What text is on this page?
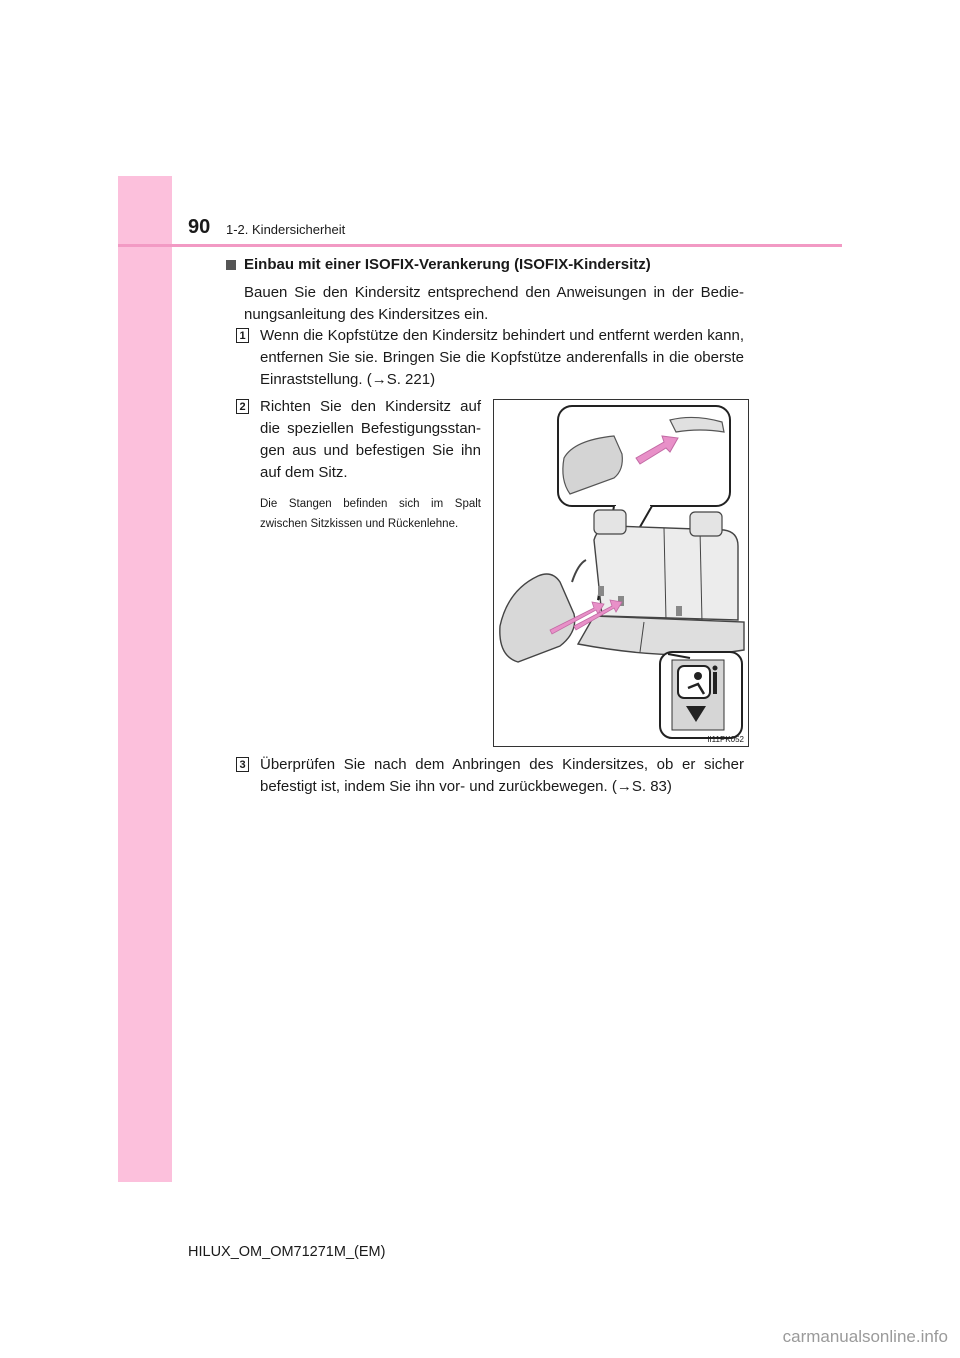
90 1-2. Kindersicherheit
Einbau mit einer ISOFIX-Verankerung (ISOFIX-Kindersitz)
Bauen Sie den Kindersitz entsprechend den Anweisungen in der Bedienungsanleitung des Kindersitzes ein.
1 Wenn die Kopfstütze den Kindersitz behindert und entfernt werden kann, entfernen Sie sie. Bringen Sie die Kopfstütze anderenfalls in die oberste Einraststellung. (→S. 221)
2 Richten Sie den Kindersitz auf die speziellen Befestigungsstangen aus und befestigen Sie ihn auf dem Sitz.
Die Stangen befinden sich im Spalt zwischen Sitzkissen und Rückenlehne.
II11PK052
3 Überprüfen Sie nach dem Anbringen des Kindersitzes, ob er sicher befestigt ist, indem Sie ihn vor- und zurückbewegen. (→S. 83)
HILUX_OM_OM71271M_(EM)
carmanualsonline.info
